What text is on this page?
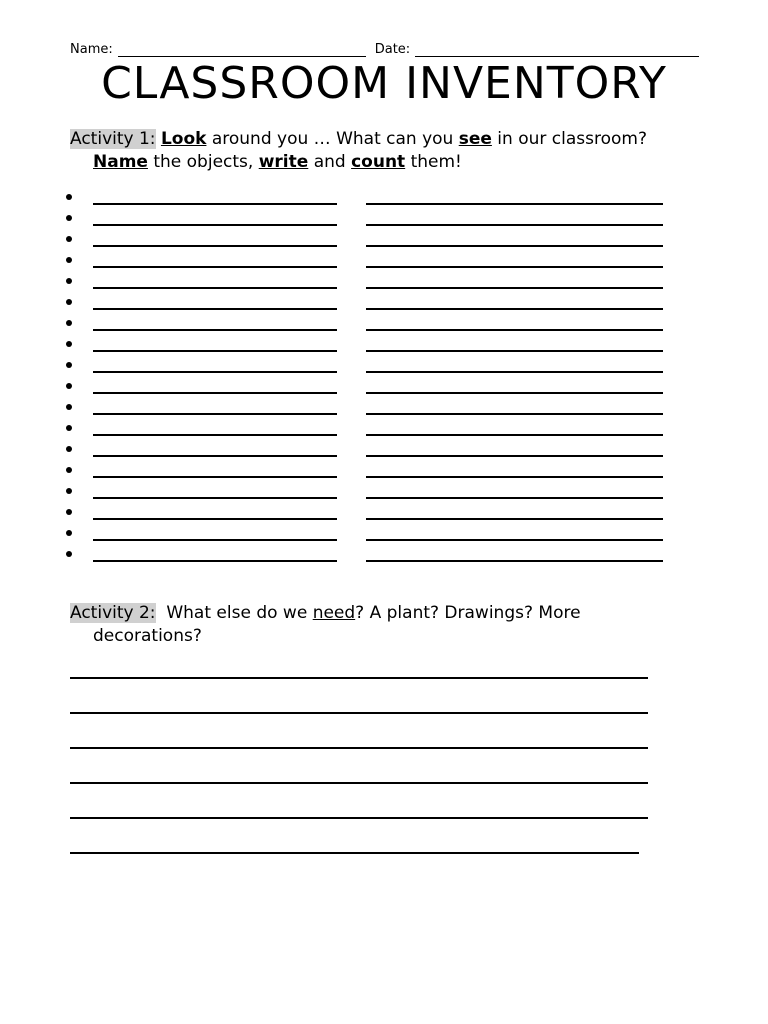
Name:	Date:
CLASSROOM INVENTORY
Activity 1: Look around you … What can you see in our classroom?
Name the objects, write and count them!
Activity 2: What else do we need? A plant? Drawings? More
decorations?
